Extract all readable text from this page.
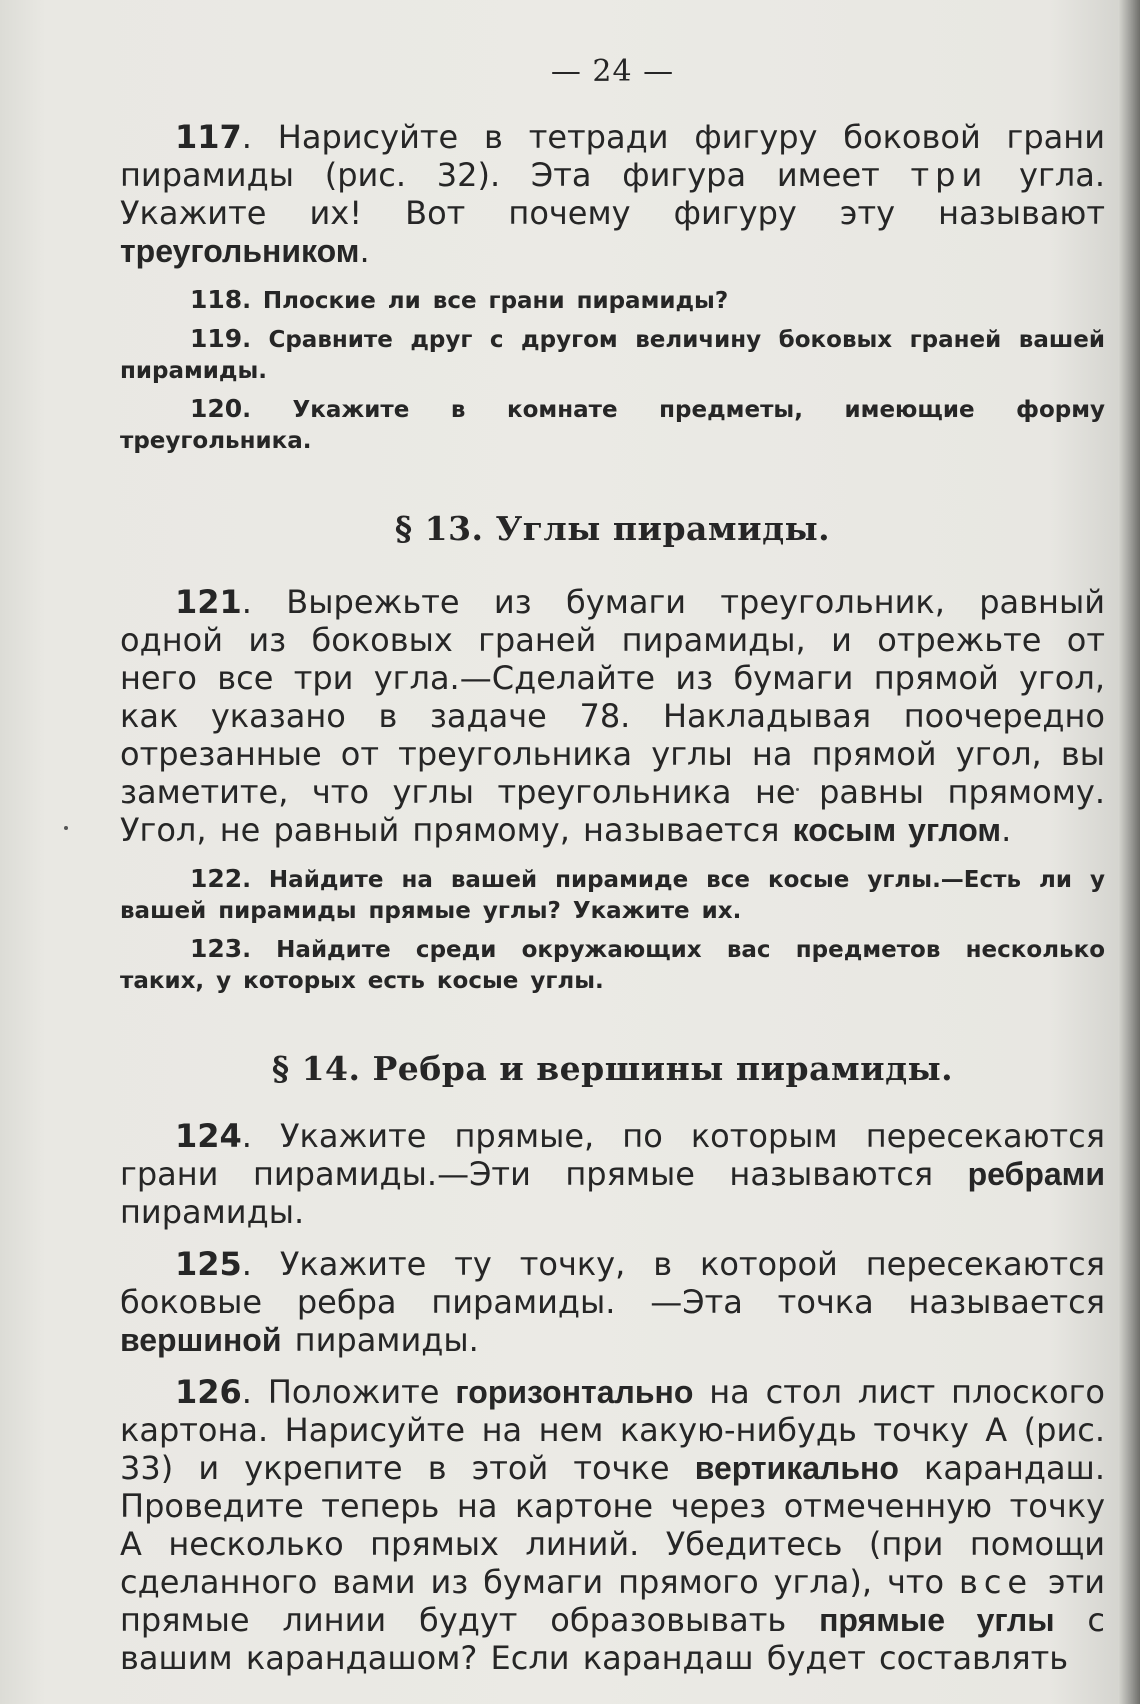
— 24 —

117. Нарисуйте в тетради фигуру боковой грани пирамиды (рис. 32). Эта фигура имеет три угла. Укажите их! Вот почему фигуру эту называют треугольником.

118. Плоские ли все грани пирамиды?

119. Сравните друг с другом величину боковых граней вашей пирамиды.

120. Укажите в комнате предметы, имеющие форму треугольника.

§ 13. Углы пирамиды.

121. Вырежьте из бумаги треугольник, равный одной из боковых граней пирамиды, и отрежьте от него все три угла.—Сделайте из бумаги прямой угол, как указано в задаче 78. Накладывая поочередно отрезанные от треугольника углы на прямой угол, вы заметите, что углы треугольника не равны прямому. Угол, не равный прямому, называется косым углом.

122. Найдите на вашей пирамиде все косые углы.—Есть ли у вашей пирамиды прямые углы? Укажите их.

123. Найдите среди окружающих вас предметов несколько таких, у которых есть косые углы.

§ 14. Ребра и вершины пирамиды.

124. Укажите прямые, по которым пересекаются грани пирамиды.—Эти прямые называются ребрами пирамиды.

125. Укажите ту точку, в которой пересекаются боковые ребра пирамиды. —Эта точка называется вершиной пирамиды.

126. Положите горизонтально на стол лист плоского картона. Нарисуйте на нем какую-нибудь точку А (рис. 33) и укрепите в этой точке вертикально карандаш. Проведите теперь на картоне через отмеченную точку А несколько прямых линий. Убедитесь (при помощи сделанного вами из бумаги прямого угла), что все эти прямые линии будут образовывать прямые углы с вашим карандашом? Если карандаш будет составлять
